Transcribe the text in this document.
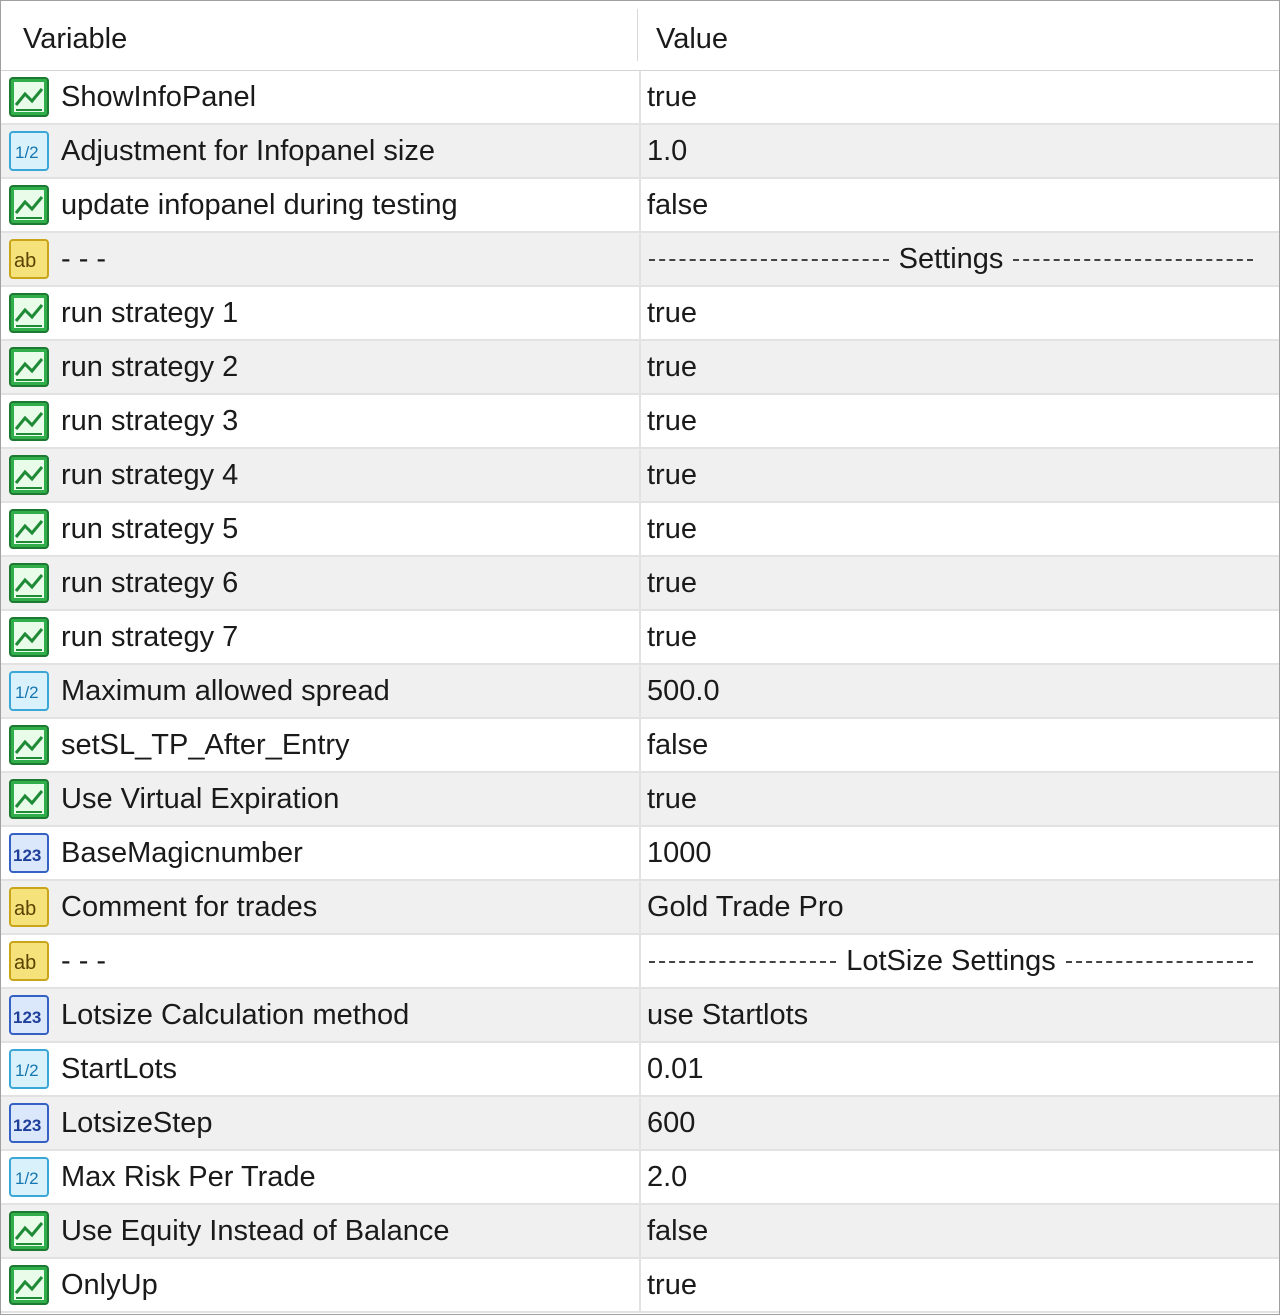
Variable	Value
ShowInfoPanel	true
1/2 Adjustment for Infopanel size	1.0
update infopanel during testing	false
ab - - -	Settings
run strategy 1	true
run strategy 2	true
run strategy 3	true
run strategy 4	true
run strategy 5	true
run strategy 6	true
run strategy 7	true
1/2 Maximum allowed spread	500.0
setSL_TP_After_Entry	false
Use Virtual Expiration	true
123 BaseMagicnumber	1000
ab Comment for trades	Gold Trade Pro
ab - - -	LotSize Settings
123 Lotsize Calculation method	use Startlots
1/2 StartLots	0.01
123 LotsizeStep	600
1/2 Max Risk Per Trade	2.0
Use Equity Instead of Balance	false
OnlyUp	true
